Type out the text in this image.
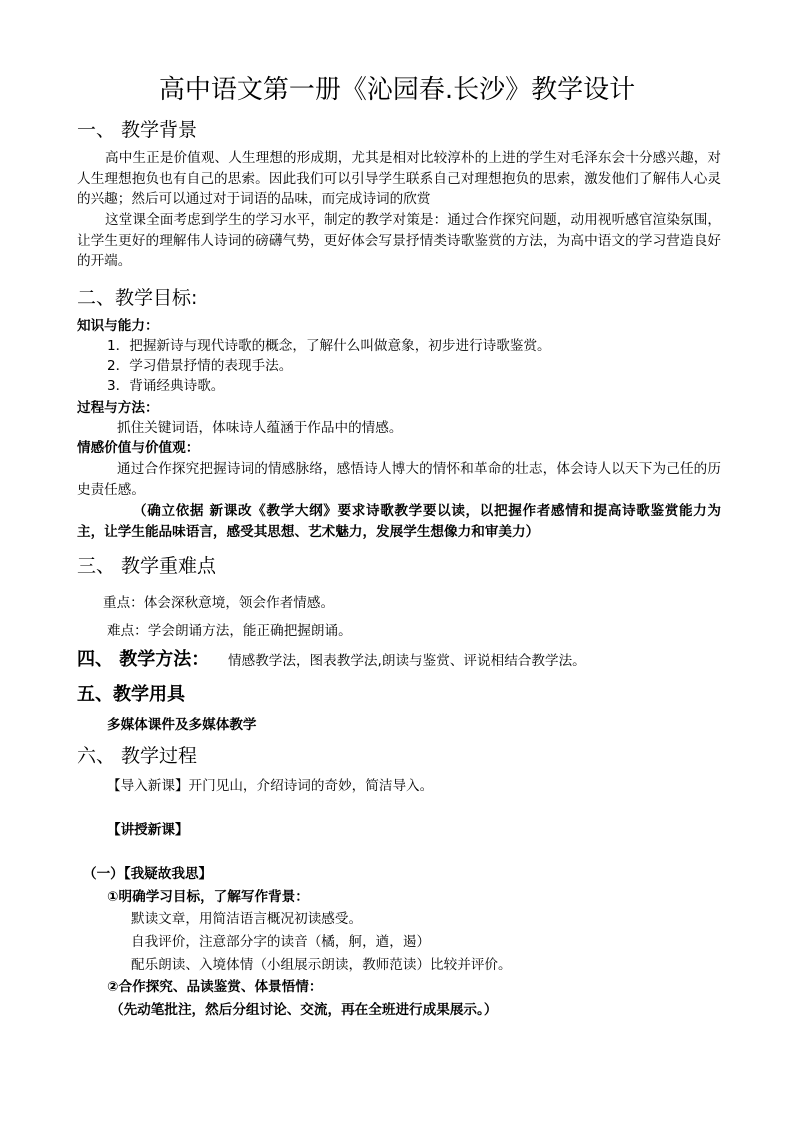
高中语文第一册《沁园春.长沙》教学设计
一、 教学背景
高中生正是价值观、人生理想的形成期，尤其是相对比较淳朴的上进的学生对毛泽东会十分感兴趣，对人生理想抱负也有自己的思索。因此我们可以引导学生联系自己对理想抱负的思索，激发他们了解伟人心灵的兴趣；然后可以通过对于词语的品味，而完成诗词的欣赏
这堂课全面考虑到学生的学习水平，制定的教学对策是：通过合作探究问题，动用视听感官渲染氛围，让学生更好的理解伟人诗词的磅礴气势，更好体会写景抒情类诗歌鉴赏的方法，为高中语文的学习营造良好的开端。
二、教学目标:
知识与能力：
1．把握新诗与现代诗歌的概念，了解什么叫做意象，初步进行诗歌鉴赏。
2．学习借景抒情的表现手法。
3．背诵经典诗歌。
过程与方法：
抓住关键词语，体味诗人蕴涵于作品中的情感。
情感价值与价值观：
通过合作探究把握诗词的情感脉络，感悟诗人博大的情怀和革命的壮志，体会诗人以天下为己任的历史责任感。
（确立依据 新课改《教学大纲》要求诗歌教学要以读，以把握作者感情和提高诗歌鉴赏能力为主，让学生能品味语言，感受其思想、艺术魅力，发展学生想像力和审美力）
三、 教学重难点
重点：体会深秋意境，领会作者情感。
难点：学会朗诵方法，能正确把握朗诵。
四、 教学方法： 情感教学法，图表教学法,朗读与鉴赏、评说相结合教学法。
五、教学用具
多媒体课件及多媒体教学
六、 教学过程
【导入新课】开门见山，介绍诗词的奇妙，简洁导入。
【讲授新课】
（一）【我疑故我思】
①明确学习目标，了解写作背景：
默读文章，用简洁语言概况初读感受。
自我评价，注意部分字的读音（橘，舸，遒，遏）
配乐朗读、入境体情（小组展示朗读，教师范读）比较并评价。
②合作探究、品读鉴赏、体景悟情：
（先动笔批注，然后分组讨论、交流，再在全班进行成果展示。）
